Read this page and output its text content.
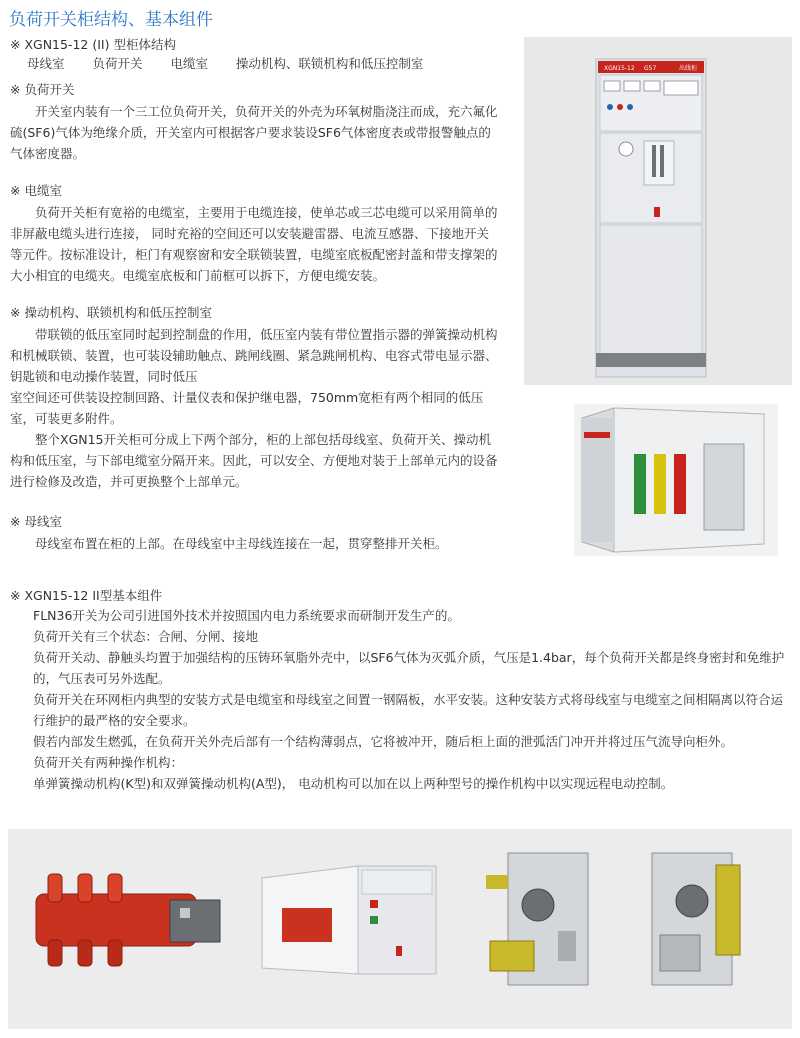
负荷开关柜结构、基本组件
※ XGN15-12 (II) 型柜体结构
母线室 负荷开关 电缆室 操动机构、联锁机构和低压控制室
※ 负荷开关

开关室内装有一个三工位负荷开关，负荷开关的外壳为环氧树脂浇注而成，充六氟化硫(SF6)气体为绝缘介质，开关室内可根据客户要求装设SF6气体密度表或带报警触点的气体密度器。

※ 电缆室

负荷开关柜有宽裕的电缆室，主要用于电缆连接，使单芯或三芯电缆可以采用简单的非屏蔽电缆头进行连接， 同时充裕的空间还可以安装避雷器、电流互感器、下接地开关等元件。按标准设计，柜门有观察窗和安全联锁装置，电缆室底板配密封盖和带支撑架的大小相宜的电缆夹。电缆室底板和门前框可以拆下，方便电缆安装。

※ 操动机构、联锁机构和低压控制室

带联锁的低压室同时起到控制盘的作用，低压室内装有带位置指示器的弹簧操动机构和机械联锁、装置，也可装设辅助触点、跳闸线圈、紧急跳闸机构、电容式带电显示器、钥匙锁和电动操作装置，同时低压

室空间还可供装设控制回路、计量仪表和保护继电器，750mm宽柜有两个相同的低压室，可装更多附件。

整个XGN15开关柜可分成上下两个部分，柜的上部包括母线室、负荷开关、操动机构和低压室，与下部电缆室分隔开来。因此，可以安全、方便地对装于上部单元内的设备进行检修及改造，并可更换整个上部单元。

※ 母线室

母线室布置在柜的上部。在母线室中主母线连接在一起，贯穿整排开关柜。

※ XGN15-12 II型基本组件

FLN36开关为公司引进国外技术并按照国内电力系统要求而研制开发生产的。

负荷开关有三个状态：合闸、分闸、接地

负荷开关动、静触头均置于加强结构的压铸环氧脂外壳中，以SF6气体为灭弧介质，气压是1.4bar，每个负荷开关都是终身密封和免维护的，气压表可另外选配。

负荷开关在环网柜内典型的安装方式是电缆室和母线室之间置一钢隔板，水平安装。这种安装方式将母线室与电缆室之间相隔离以符合运行维护的最严格的安全要求。

假若内部发生燃弧，在负荷开关外壳后部有一个结构薄弱点，它将被冲开，随后柜上面的泄弧活门冲开并将过压气流导向柜外。

负荷开关有两种操作机构：

单弹簧操动机构(K型)和双弹簧操动机构(A型)， 电动机构可以加在以上两种型号的操作机构中以实现远程电动控制。

XGN15-12 G57	出线柜
